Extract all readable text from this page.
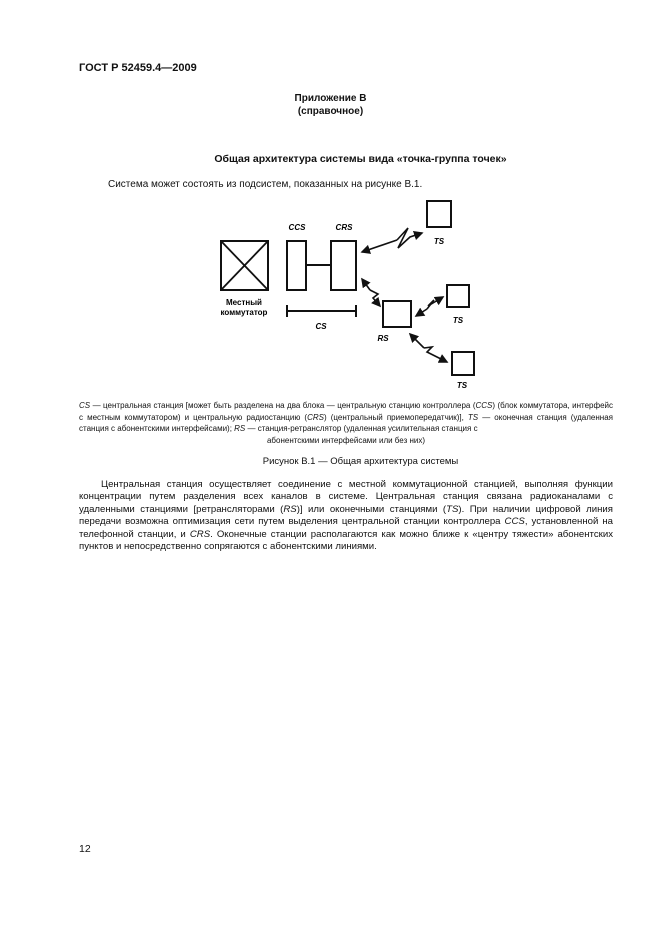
ГОСТ Р 52459.4—2009
Приложение В
(справочное)
Общая архитектура системы вида «точка-группа точек»
Система может состоять из подсистем, показанных на рисунке В.1.
Местный
коммутатор
CCS	CRS
CS
RS
TS
TS
TS
CS — центральная станция [может быть разделена на два блока — центральную станцию контроллера (CCS) (блок коммутатора, интерфейс с местным коммутатором) и центральную радиостанцию (CRS) (центральный приемопередатчик)], TS — оконечная станция (удаленная станция с абонентскими интерфейсами); RS — станция-ретранслятор (удаленная усилительная станция с
абонентскими интерфейсами или без них)
Рисунок В.1 — Общая архитектура системы
Центральная станция осуществляет соединение с местной коммутационной станцией, выполняя функции концентрации путем разделения всех каналов в системе. Центральная станция связана радиоканалами с удаленными станциями [ретрансляторами (RS)] или оконечными станциями (TS). При наличии цифровой линия передачи возможна оптимизация сети путем выделения центральной станции контроллера CCS, установленной на телефонной станции, и CRS. Оконечные станции располагаются как можно ближе к «центру тяжести» абонентских пунктов и непосредственно сопрягаются с абонентскими линиями.
12
